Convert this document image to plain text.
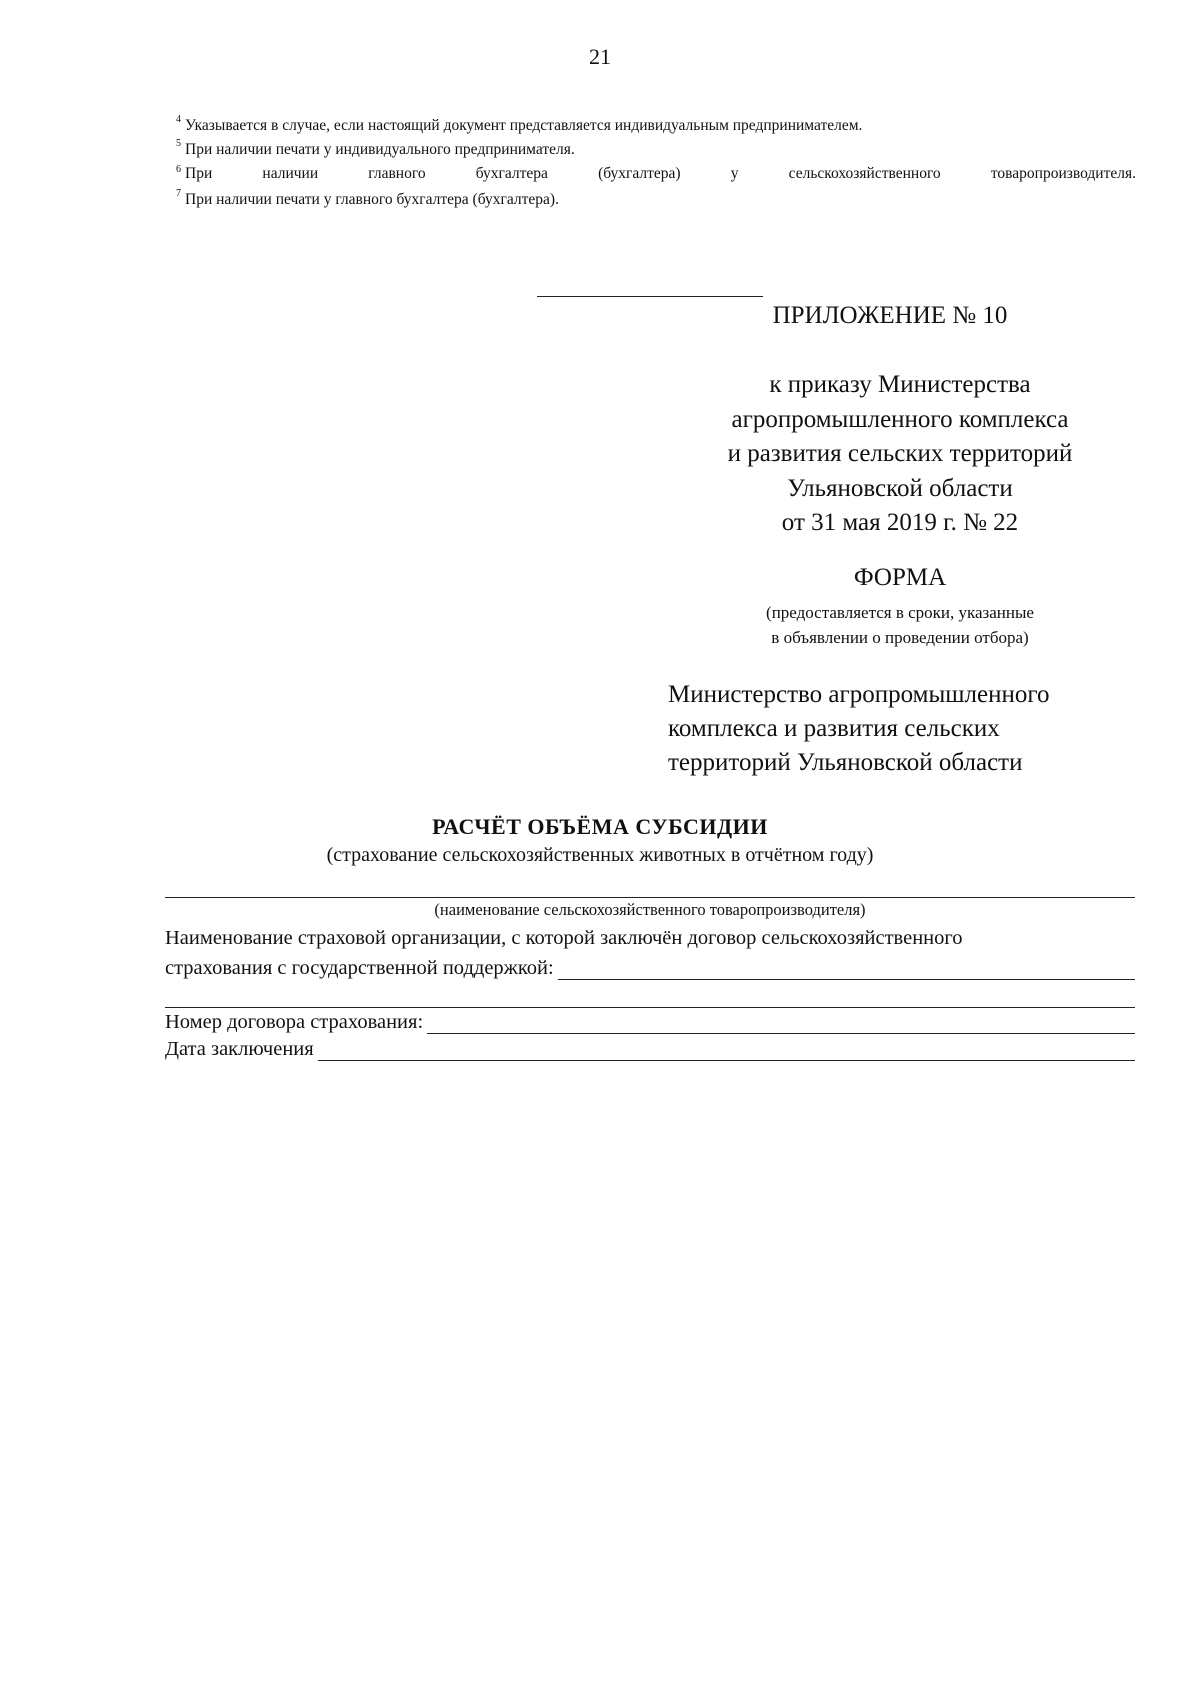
21
$^4$ Указывается в случае, если настоящий документ представляется индивидуальным предпринимателем.
$^5$ При наличии печати у индивидуального предпринимателя.
$^6$ При	наличии	главного	бухгалтера	(бухгалтера)	у	сельскохозяйственного	товаропроизводителя.
$^7$ При наличии печати у главного бухгалтера (бухгалтера).
ПРИЛОЖЕНИЕ № 10
к приказу Министерства
агропромышленного комплекса
и развития сельских территорий
Ульяновской области
от 31 мая 2019 г. № 22
ФОРМА
(предоставляется в сроки, указанные
в объявлении о проведении отбора)
Министерство агропромышленного
комплекса и развития сельских
территорий Ульяновской области
РАСЧЁТ ОБЪЁМА СУБСИДИИ
(страхование сельскохозяйственных животных в отчётном году)
(наименование сельскохозяйственного товаропроизводителя)
Наименование страховой организации, с которой заключён договор сельскохозяйственного
страхования с государственной поддержкой:
Номер договора страхования:
Дата заключения
